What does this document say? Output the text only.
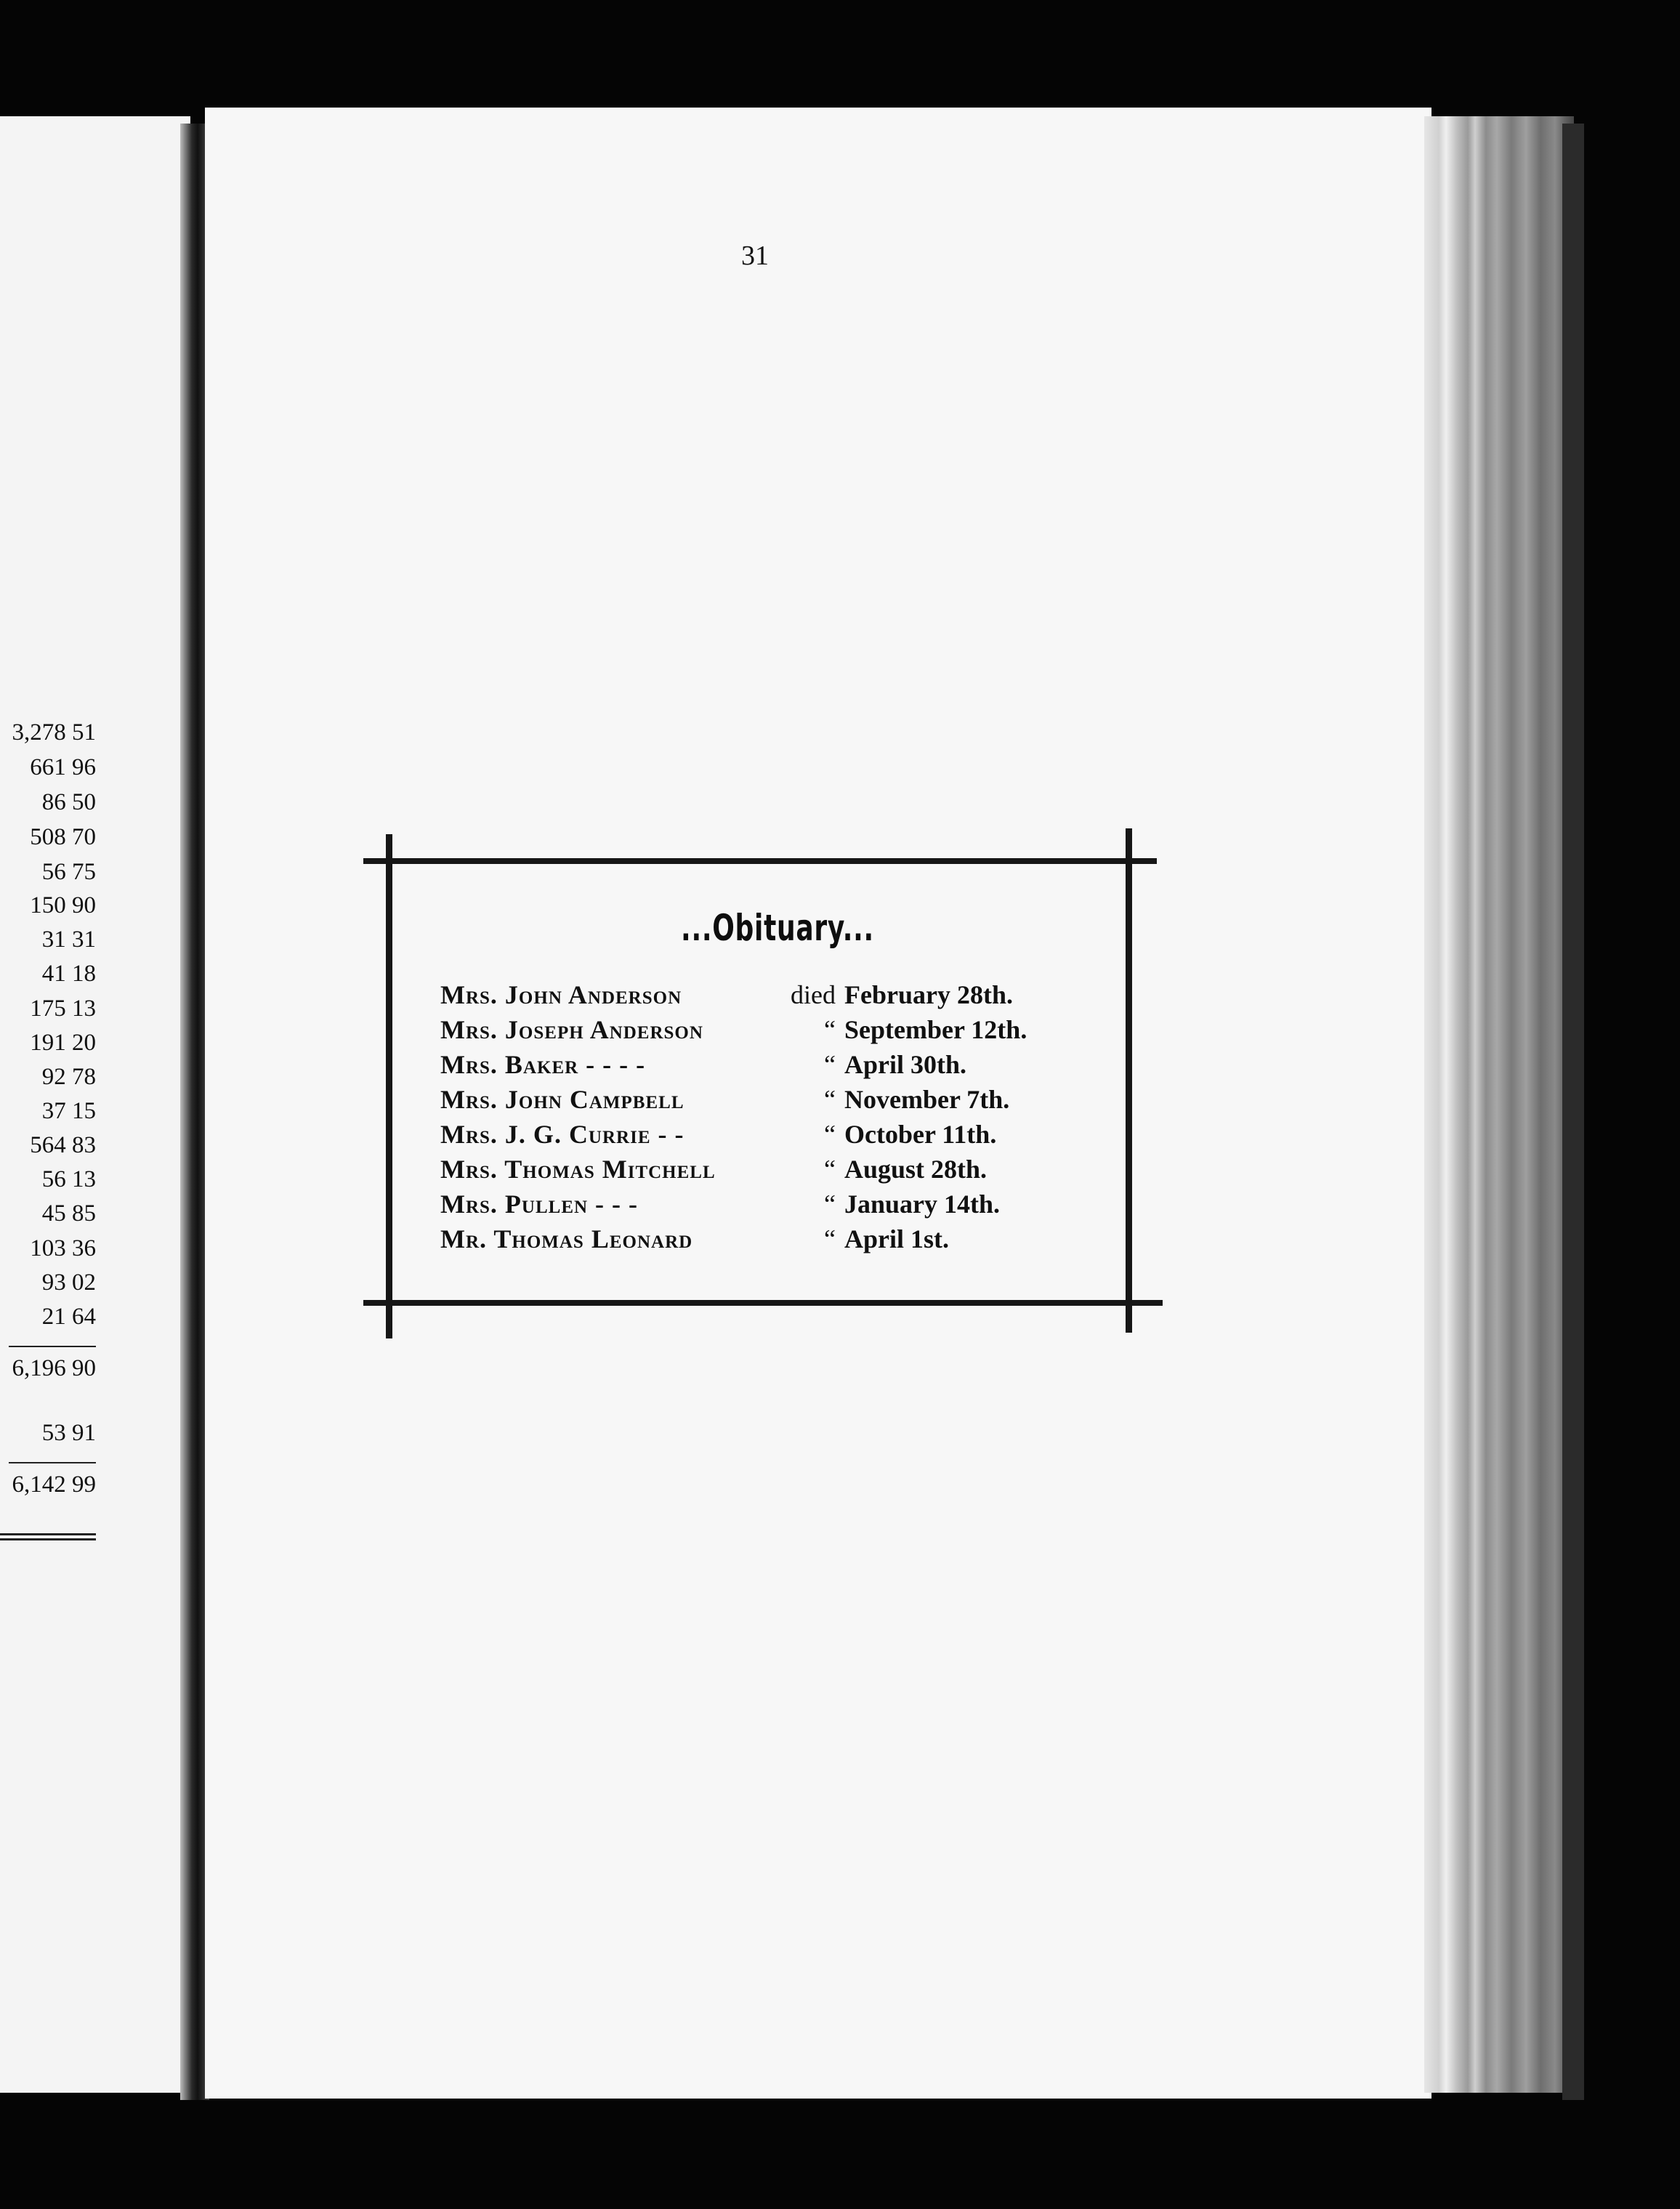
3,278 51
661 96
86 50
508 70
56 75
150 90
31 31
41 18
175 13
191 20
92 78
37 15
564 83
56 13
45 85
103 36
93 02
21 64
6,196 90
53 91
6,142 99
31
...Obituary...
Mrs. John Anderson	died February 28th.
Mrs. Joseph Anderson	“ September 12th.
Mrs. Baker - - - -	“ April 30th.
Mrs. John Campbell	“ November 7th.
Mrs. J. G. Currie - -	“ October 11th.
Mrs. Thomas Mitchell	“ August 28th.
Mrs. Pullen - - -	“ January 14th.
Mr. Thomas Leonard	“ April 1st.
